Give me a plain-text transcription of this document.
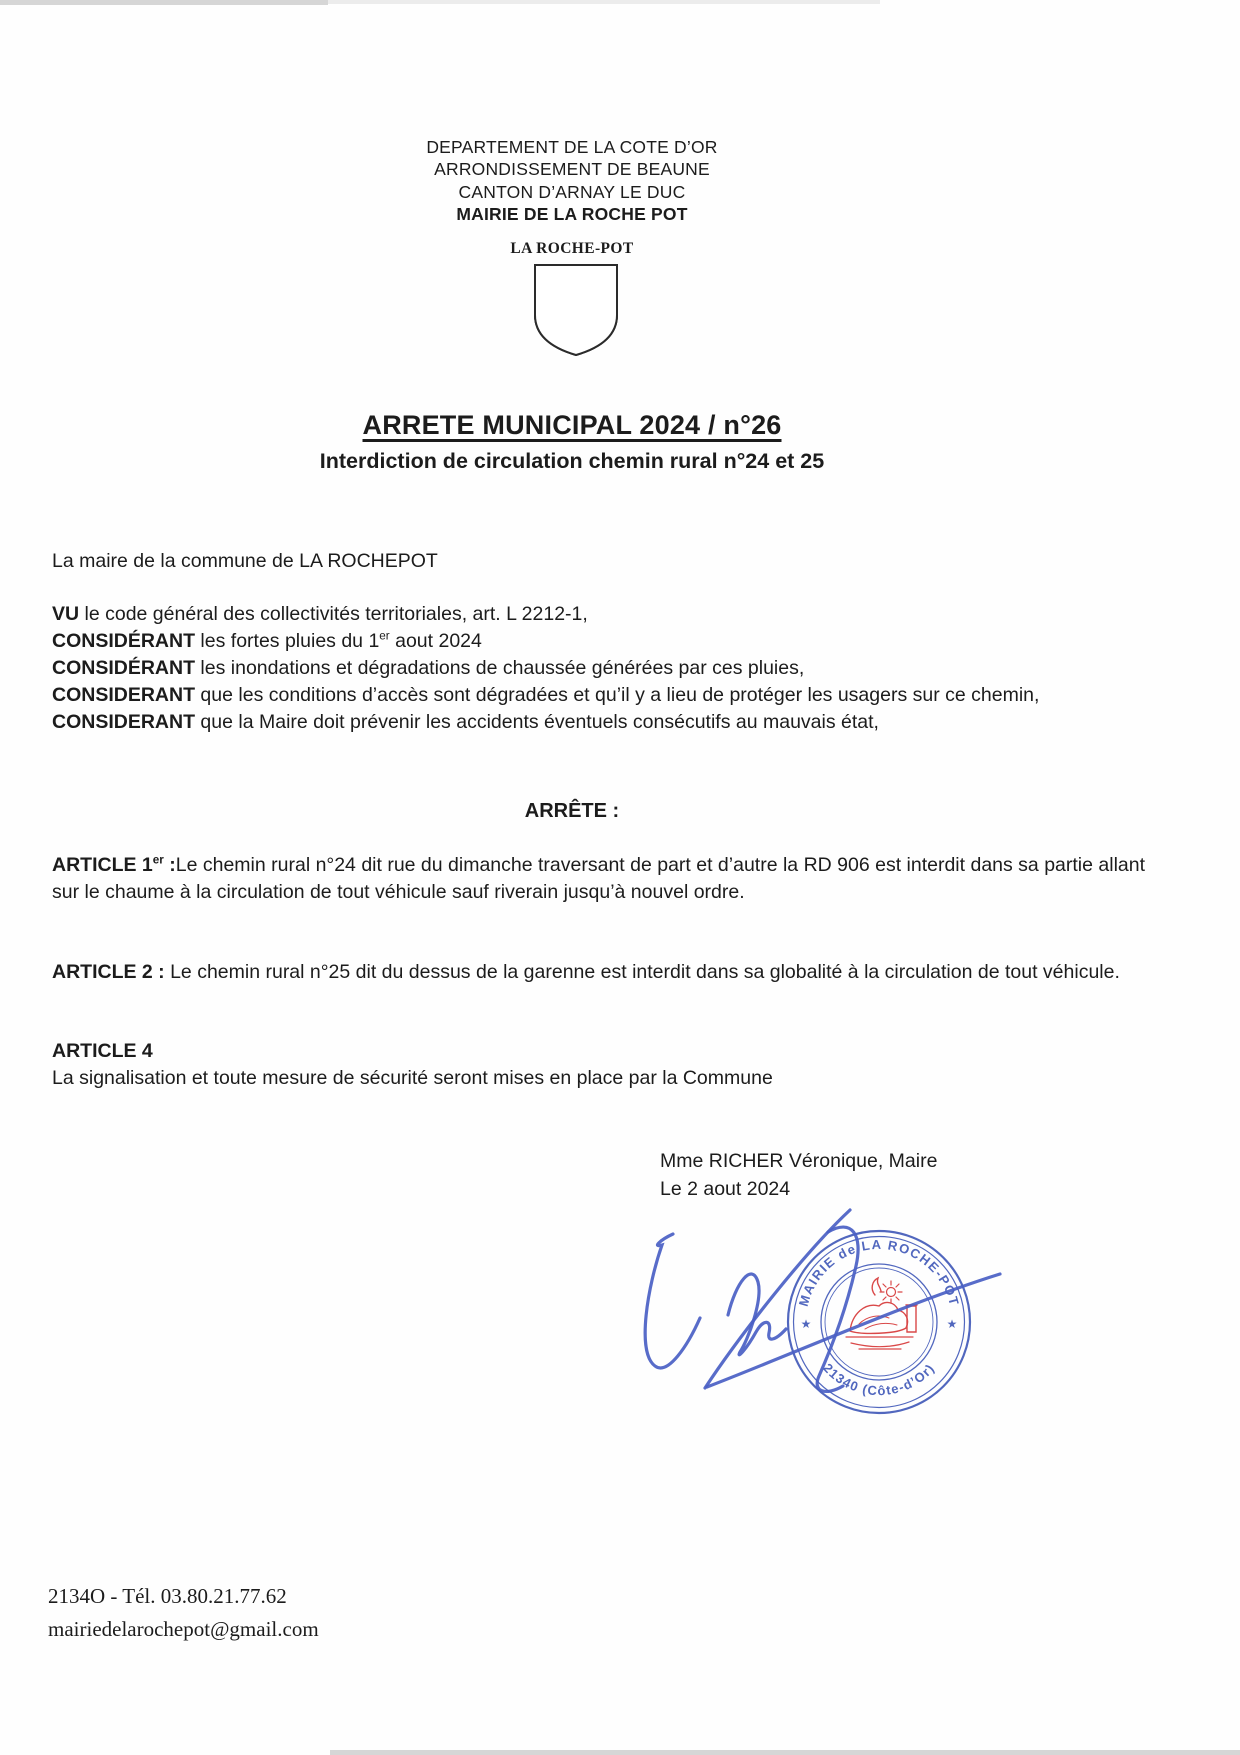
DEPARTEMENT DE LA COTE D’OR
ARRONDISSEMENT DE BEAUNE
CANTON D’ARNAY LE DUC
MAIRIE DE LA ROCHE POT
LA ROCHE-POT
ARRETE MUNICIPAL 2024 / n°26
Interdiction de circulation chemin rural n°24 et 25
La maire de la commune de LA ROCHEPOT

VU le code général des collectivités territoriales, art. L 2212-1,

CONSIDÉRANT les fortes pluies du 1er aout 2024

CONSIDÉRANT les inondations et dégradations de chaussée générées par ces pluies,

CONSIDERANT que les conditions d’accès sont dégradées et qu’il y a lieu de protéger les usagers sur ce chemin,

CONSIDERANT que la Maire doit prévenir les accidents éventuels consécutifs au mauvais état,

ARRÊTE :
ARTICLE 1er :Le chemin rural n°24 dit rue du dimanche traversant de part et d’autre la RD 906 est interdit dans sa partie allant sur le chaume à la circulation de tout véhicule sauf riverain jusqu’à nouvel ordre.
ARTICLE 2 : Le chemin rural n°25 dit du dessus de la garenne est interdit dans sa globalité à la circulation de tout véhicule.
ARTICLE 4
La signalisation et toute mesure de sécurité seront mises en place par la Commune
Mme RICHER Véronique, Maire
Le 2 aout 2024
MAIRIE de LA ROCHE-POT
21340 (Côte-d’Or)
★	★
2134O - Tél. 03.80.21.77.62
mairiedelarochepot@gmail.com
